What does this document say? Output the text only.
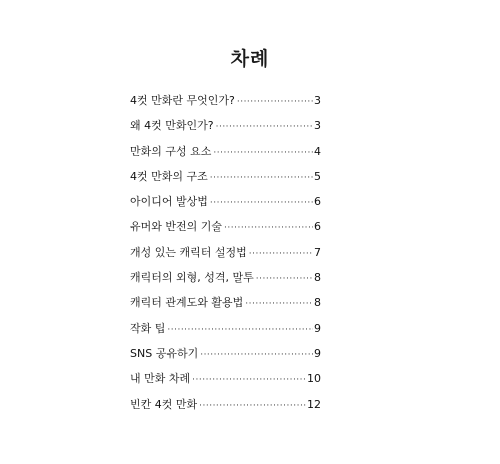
차례
4컷 만화란 무엇인가? ·····	3
왜 4컷 만화인가? ·····	3
만화의 구성 요소 ·····	4
4컷 만화의 구조 ·····	5
아이디어 발상법 ·····	6
유머와 반전의 기술 ·····	6
개성 있는 캐릭터 설정법 ·····	7
캐릭터의 외형, 성격, 말투 ·····	8
캐릭터 관계도와 활용법 ·····	8
작화 팁 ·····	9
SNS 공유하기 ·····	9
내 만화 차례 ·····	10
빈칸 4컷 만화 ·····	12
